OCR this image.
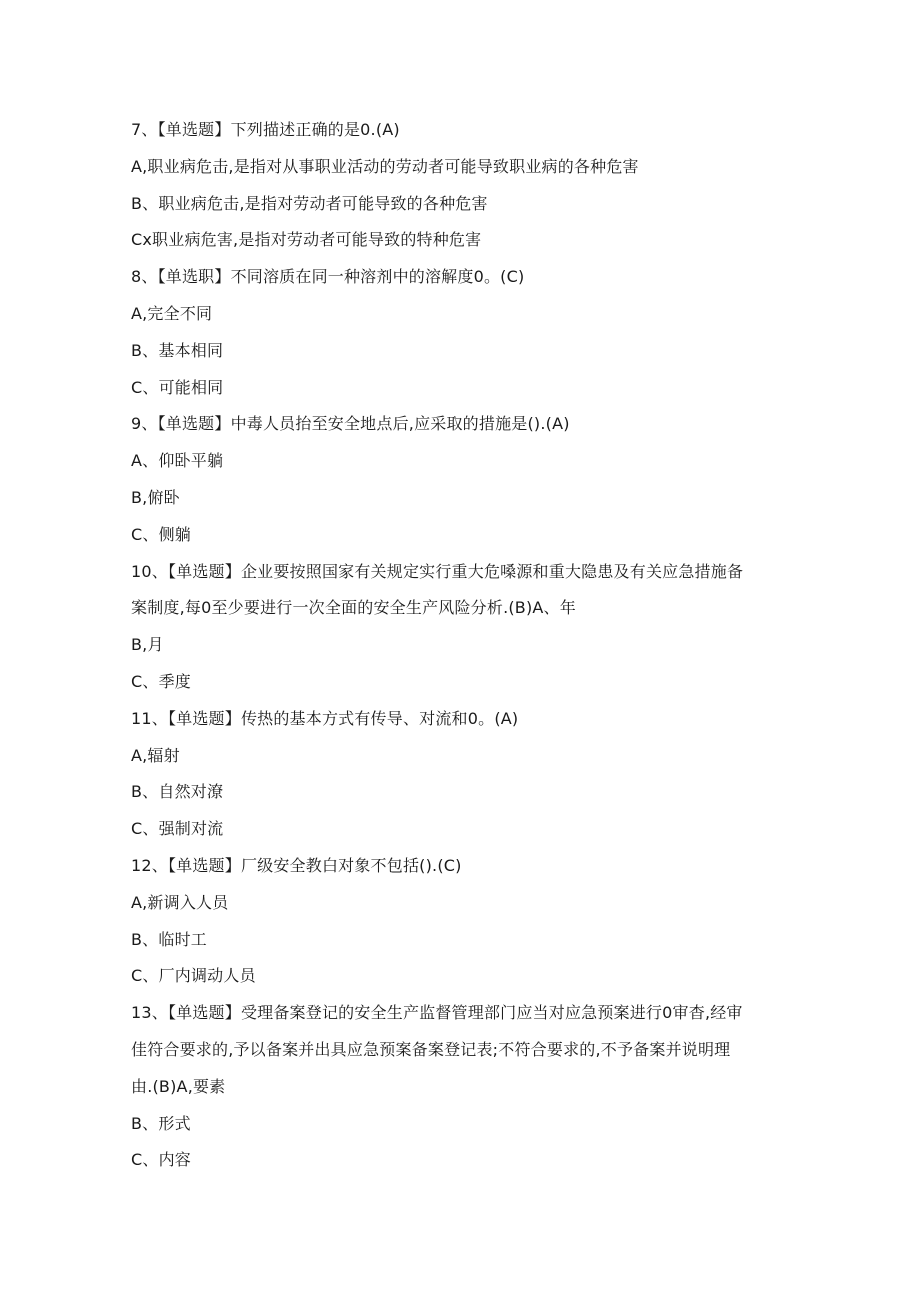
7、【单选题】下列描述正确的是0.(A)
A,职业病危击,是指对从事职业活动的劳动者可能导致职业病的各种危害
B、职业病危击,是指对劳动者可能导致的各种危害
Cx职业病危害,是指对劳动者可能导致的特种危害
8、【单选职】不同溶质在同一种溶剂中的溶解度0。(C)
A,完全不同
B、基本相同
C、可能相同
9、【单选题】中毒人员抬至安全地点后,应采取的措施是().(A)
A、仰卧平躺
B,俯卧
C、侧躺
10、【单选题】企业要按照国家有关规定实行重大危嗓源和重大隐患及有关应急措施备
案制度,每0至少要进行一次全面的安全生产风险分析.(B)A、年
B,月
C、季度
11、【单选题】传热的基本方式有传导、对流和0。(A)
A,辐射
B、自然对潦
C、强制对流
12、【单选题】厂级安全教白对象不包括().(C)
A,新调入人员
B、临时工
C、厂内调动人员
13、【单选题】受理备案登记的安全生产监督管理部门应当对应急预案进行0审杳,经审
佳符合要求的,予以备案并出具应急预案备案登记表;不符合要求的,不予备案并说明理
由.(B)A,要素
B、形式
C、内容
